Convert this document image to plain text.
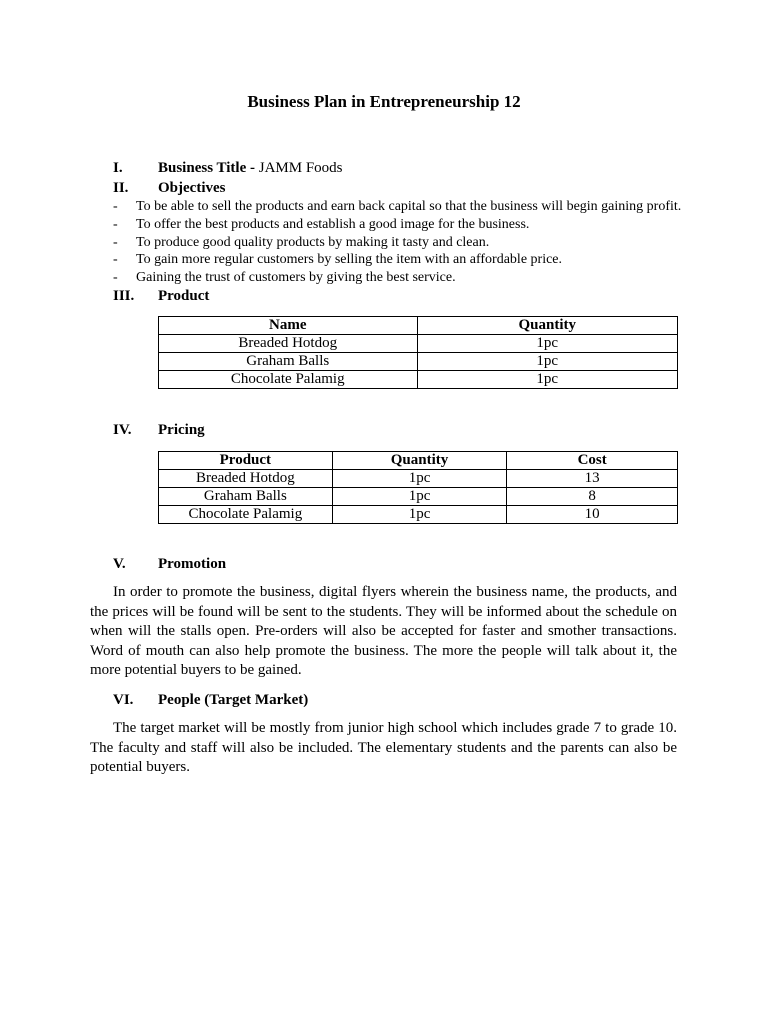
Business Plan in Entrepreneurship 12
I. Business Title - JAMM Foods
II. Objectives
- To be able to sell the products and earn back capital so that the business will begin gaining profit.
- To offer the best products and establish a good image for the business.
- To produce good quality products by making it tasty and clean.
- To gain more regular customers by selling the item with an affordable price.
- Gaining the trust of customers by giving the best service.
III. Product
Name	Quantity
Breaded Hotdog	1pc
Graham Balls	1pc
Chocolate Palamig	1pc
IV. Pricing
Product	Quantity	Cost
Breaded Hotdog	1pc	13
Graham Balls	1pc	8
Chocolate Palamig	1pc	10
V. Promotion

In order to promote the business, digital flyers wherein the business name, the products, and the prices will be found will be sent to the students. They will be informed about the schedule on when will the stalls open. Pre-orders will also be accepted for faster and smother transactions. Word of mouth can also help promote the business. The more the people will talk about it, the more potential buyers to be gained.

VI. People (Target Market)

The target market will be mostly from junior high school which includes grade 7 to grade 10. The faculty and staff will also be included. The elementary students and the parents can also be potential buyers.
